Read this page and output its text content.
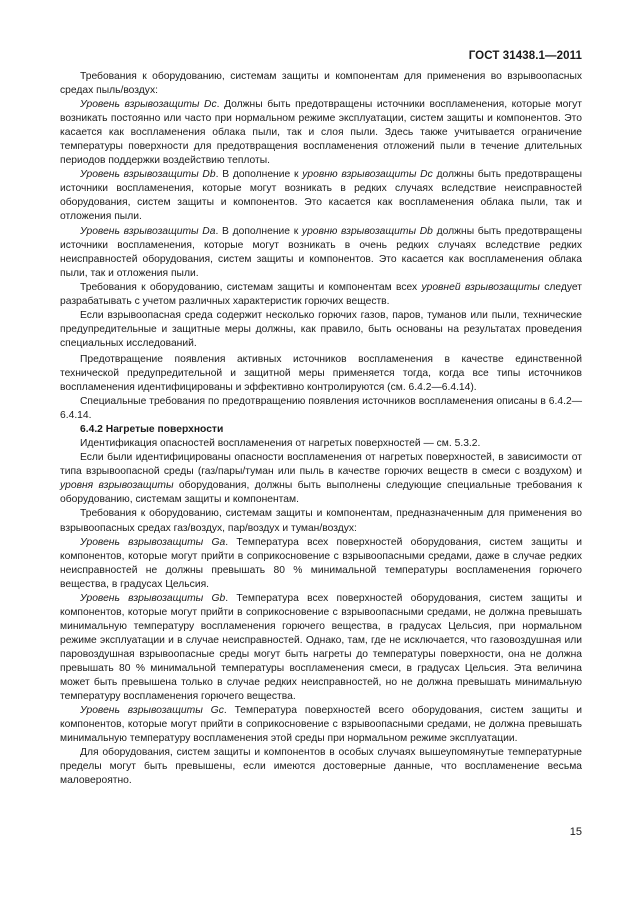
ГОСТ 31438.1—2011

Требования к оборудованию, системам защиты и компонентам для применения во взрывоопасных средах пыль/воздух:

Уровень взрывозащиты Dc. Должны быть предотвращены источники воспламенения, которые могут возникать постоянно или часто при нормальном режиме эксплуатации, систем защиты и компонентов. Это касается как воспламенения облака пыли, так и слоя пыли. Здесь также учитывается ограничение температуры поверхности для предотвращения воспламенения отложений пыли в течение длительных периодов поддержки воздействию теплоты.

Уровень взрывозащиты Db. В дополнение к уровню взрывозащиты Dc должны быть предотвращены источники воспламенения, которые могут возникать в редких случаях вследствие неисправностей оборудования, систем защиты и компонентов. Это касается как воспламенения облака пыли, так и отложения пыли.

Уровень взрывозащиты Da. В дополнение к уровню взрывозащиты Db должны быть предотвращены источники воспламенения, которые могут возникать в очень редких случаях вследствие редких неисправностей оборудования, систем защиты и компонентов. Это касается как воспламенения облака пыли, так и отложения пыли.

Требования к оборудованию, системам защиты и компонентам всех уровней взрывозащиты следует разрабатывать с учетом различных характеристик горючих веществ.

Если взрывоопасная среда содержит несколько горючих газов, паров, туманов или пыли, технические предупредительные и защитные меры должны, как правило, быть основаны на результатах проведения специальных исследований.

Предотвращение появления активных источников воспламенения в качестве единственной технической предупредительной и защитной меры применяется тогда, когда все типы источников воспламенения идентифицированы и эффективно контролируются (см. 6.4.2—6.4.14).

Специальные требования по предотвращению появления источников воспламенения описаны в 6.4.2—6.4.14.

6.4.2 Нагретые поверхности

Идентификация опасностей воспламенения от нагретых поверхностей — см. 5.3.2.

Если были идентифицированы опасности воспламенения от нагретых поверхностей, в зависимости от типа взрывоопасной среды (газ/пары/туман или пыль в качестве горючих веществ в смеси с воздухом) и уровня взрывозащиты оборудования, должны быть выполнены следующие специальные требования к оборудованию, системам защиты и компонентам.

Требования к оборудованию, системам защиты и компонентам, предназначенным для применения во взрывоопасных средах газ/воздух, пар/воздух и туман/воздух:

Уровень взрывозащиты Ga. Температура всех поверхностей оборудования, систем защиты и компонентов, которые могут прийти в соприкосновение с взрывоопасными средами, даже в случае редких неисправностей не должны превышать 80 % минимальной температуры воспламенения горючего вещества, в градусах Цельсия.

Уровень взрывозащиты Gb. Температура всех поверхностей оборудования, систем защиты и компонентов, которые могут прийти в соприкосновение с взрывоопасными средами, не должна превышать минимальную температуру воспламенения горючего вещества, в градусах Цельсия, при нормальном режиме эксплуатации и в случае неисправностей. Однако, там, где не исключается, что газовоздушная или паровоздушная взрывоопасные среды могут быть нагреты до температуры поверхности, она не должна превышать 80 % минимальной температуры воспламенения смеси, в градусах Цельсия. Эта величина может быть превышена только в случае редких неисправностей, но не должна превышать минимальную температуру воспламенения горючего вещества.

Уровень взрывозащиты Gc. Температура поверхностей всего оборудования, систем защиты и компонентов, которые могут прийти в соприкосновение с взрывоопасными средами, не должна превышать минимальную температуру воспламенения этой среды при нормальном режиме эксплуатации.

Для оборудования, систем защиты и компонентов в особых случаях вышеупомянутые температурные пределы могут быть превышены, если имеются достоверные данные, что воспламенение весьма маловероятно.

15
